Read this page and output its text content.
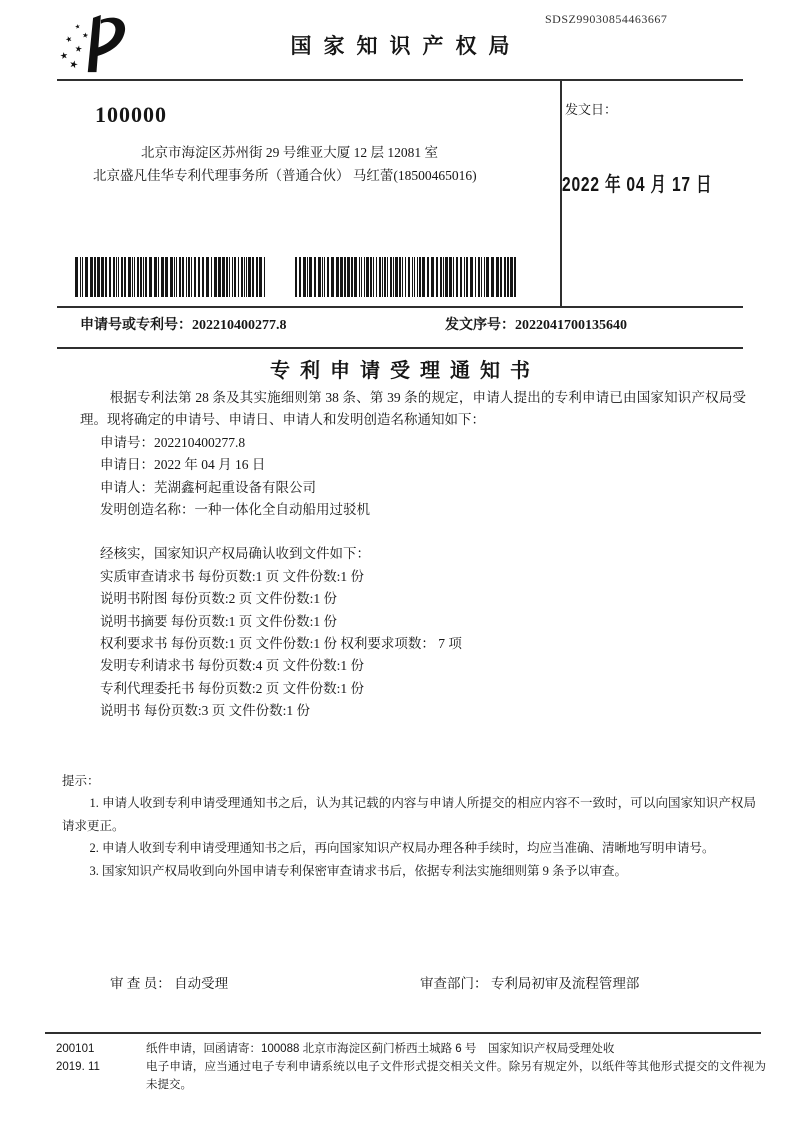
SDSZ99030854463667
国家知识产权局
100000
北京市海淀区苏州街 29 号维亚大厦 12 层 12081 室
北京盛凡佳华专利代理事务所（普通合伙） 马红蕾(18500465016)
发文日：
2022 年 04 月 17 日
申请号或专利号：202210400277.8	发文序号：2022041700135640
专利申请受理通知书

根据专利法第 28 条及其实施细则第 38 条、第 39 条的规定，申请人提出的专利申请已由国家知识产权局受理。现将确定的申请号、申请日、申请人和发明创造名称通知如下：

申请号：202210400277.8
申请日：2022 年 04 月 16 日
申请人：芜湖鑫柯起重设备有限公司
发明创造名称：一种一体化全自动船用过驳机
经核实，国家知识产权局确认收到文件如下：
实质审查请求书 每份页数:1 页 文件份数:1 份
说明书附图 每份页数:2 页 文件份数:1 份
说明书摘要 每份页数:1 页 文件份数:1 份
权利要求书 每份页数:1 页 文件份数:1 份 权利要求项数： 7 项
发明专利请求书 每份页数:4 页 文件份数:1 份
专利代理委托书 每份页数:2 页 文件份数:1 份
说明书 每份页数:3 页 文件份数:1 份

提示：

1. 申请人收到专利申请受理通知书之后，认为其记载的内容与申请人所提交的相应内容不一致时，可以向国家知识产权局请求更正。

2. 申请人收到专利申请受理通知书之后，再向国家知识产权局办理各种手续时，均应当准确、清晰地写明申请号。

3. 国家知识产权局收到向外国申请专利保密审查请求书后，依据专利法实施细则第 9 条予以审查。

审 查 员： 自动受理	审查部门： 专利局初审及流程管理部
200101	纸件申请，回函请寄：100088 北京市海淀区蓟门桥西土城路 6 号　国家知识产权局受理处收
2019. 11	电子申请，应当通过电子专利申请系统以电子文件形式提交相关文件。除另有规定外，以纸件等其他形式提交的文件视为未提交。
